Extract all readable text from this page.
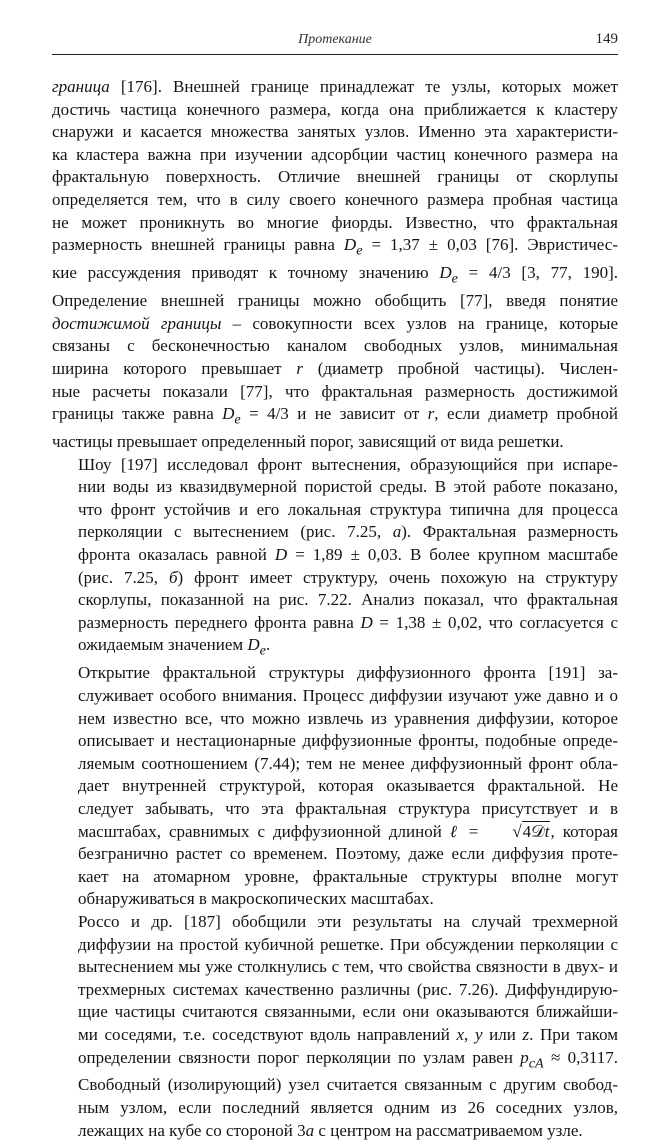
Протекание	149
граница [176]. Внешней границе принадлежат те узлы, которых может
достичь частица конечного размера, когда она приближается к кластеру
снаружи и касается множества занятых узлов. Именно эта характеристи-
ка кластера важна при изучении адсорбции частиц конечного размера на
фрактальную поверхность. Отличие внешней границы от скорлупы
определяется тем, что в силу своего конечного размера пробная частица
не может проникнуть во многие фиорды. Известно, что фрактальная
размерность внешней границы равна $D_e = 1,37 \pm 0,03$ [76]. Эвристичес-
кие рассуждения приводят к точному значению $D_e = 4/3$ [3, 77, 190].
Определение внешней границы можно обобщить [77], введя понятие
достижимой границы – совокупности всех узлов на границе, которые
связаны с бесконечностью каналом свободных узлов, минимальная
ширина которого превышает r (диаметр пробной частицы). Числен-
ные расчеты показали [77], что фрактальная размерность достижимой
границы также равна $D_e = 4/3$ и не зависит от r, если диаметр пробной
частицы превышает определенный порог, зависящий от вида решетки.
Шоу [197] исследовал фронт вытеснения, образующийся при испаре-
нии воды из квазидвумерной пористой среды. В этой работе показано,
что фронт устойчив и его локальная структура типична для процесса
перколяции с вытеснением (рис. 7.25, а). Фрактальная размерность
фронта оказалась равной D = 1,89 ± 0,03. В более крупном масштабе
(рис. 7.25, б) фронт имеет структуру, очень похожую на структуру
скорлупы, показанной на рис. 7.22. Анализ показал, что фрактальная
размерность переднего фронта равна D = 1,38 ± 0,02, что согласуется с
ожидаемым значением $D_e$.
Открытие фрактальной структуры диффузионного фронта [191] за-
служивает особого внимания. Процесс диффузии изучают уже давно и о
нем известно все, что можно извлечь из уравнения диффузии, которое
описывает и нестационарные диффузионные фронты, подобные опреде-
ляемым соотношением (7.44); тем не менее диффузионный фронт обла-
дает внутренней структурой, которая оказывается фрактальной. Не
следует забывать, что эта фрактальная структура присутствует и в
масштабах, сравнимых с диффузионной длиной ℓ = √4𝒟t, которая
безгранично растет со временем. Поэтому, даже если диффузия проте-
кает на атомарном уровне, фрактальные структуры вполне могут
обнаруживаться в макроскопических масштабах.
Россо и др. [187] обобщили эти результаты на случай трехмерной
диффузии на простой кубичной решетке. При обсуждении перколяции с
вытеснением мы уже столкнулись с тем, что свойства связности в двух- и
трехмерных системах качественно различны (рис. 7.26). Диффундирую-
щие частицы считаются связанными, если они оказываются ближайши-
ми соседями, т.е. соседствуют вдоль направлений x, y или z. При таком
определении связности порог перколяции по узлам равен $p_{cA} \approx 0,3117$.
Свободный (изолирующий) узел считается связанным с другим свобод-
ным узлом, если последний является одним из 26 соседних узлов,
лежащих на кубе со стороной 3a с центром на рассматриваемом узле.
